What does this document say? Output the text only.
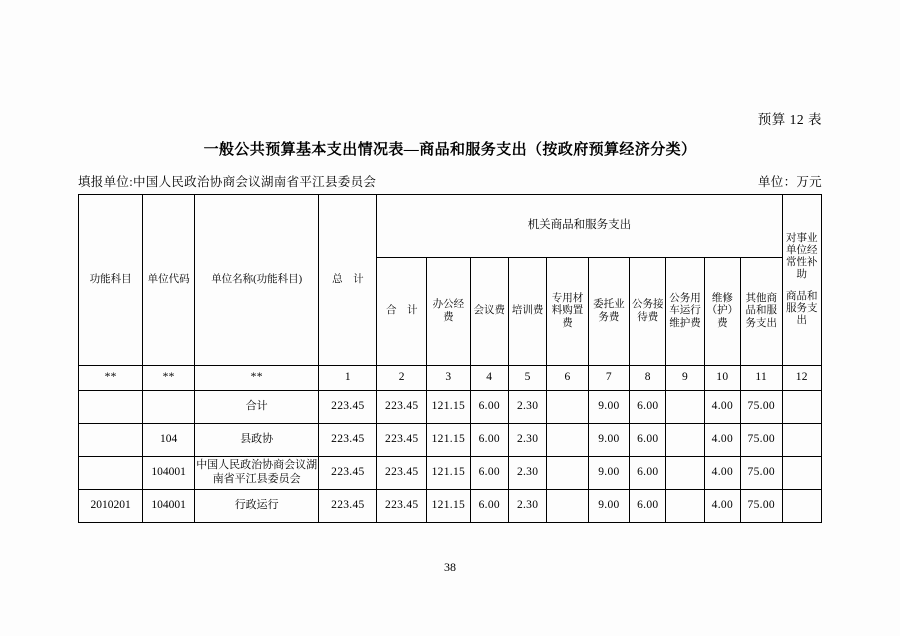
预算 12 表
一般公共预算基本支出情况表—商品和服务支出（按政府预算经济分类）
填报单位:中国人民政治协商会议湖南省平江县委员会	单位：万元
功能科目	单位代码	单位名称(功能科目)	总　计	机关商品和服务支出										对事业单位经常性补助
商品和服务支出

				合　计	办公经费	会议费	培训费	专用材料购置费	委托业务费	公务接待费	公务用车运行维护费	维修（护）费	其他商品和服务支出	
**	**	**	1	2	3	4	5	6	7	8	9	10	11	12
		合计	223.45	223.45	121.15	6.00	2.30		9.00	6.00		4.00	75.00	
	104	县政协	223.45	223.45	121.15	6.00	2.30		9.00	6.00		4.00	75.00	
	104001	中国人民政治协商会议湖南省平江县委员会	223.45	223.45	121.15	6.00	2.30		9.00	6.00		4.00	75.00	
2010201	104001	行政运行	223.45	223.45	121.15	6.00	2.30		9.00	6.00		4.00	75.00	
38
